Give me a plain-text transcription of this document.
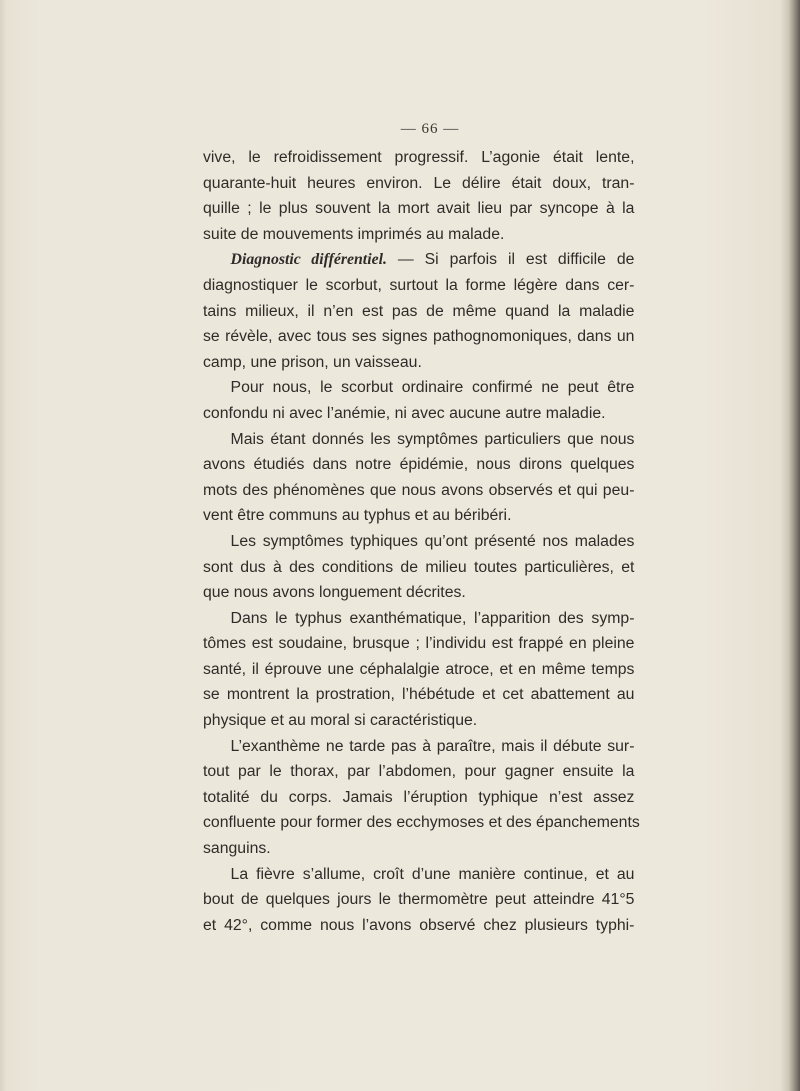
— 66 —
vive, le refroidissement progressif. L’agonie était lente,
quarante-huit heures environ. Le délire était doux, tran-
quille ; le plus souvent la mort avait lieu par syncope à la
suite de mouvements imprimés au malade.
Diagnostic différentiel. — Si parfois il est difficile de
diagnostiquer le scorbut, surtout la forme légère dans cer-
tains milieux, il n’en est pas de même quand la maladie
se révèle, avec tous ses signes pathognomoniques, dans un
camp, une prison, un vaisseau.
Pour nous, le scorbut ordinaire confirmé ne peut être
confondu ni avec l’anémie, ni avec aucune autre maladie.
Mais étant donnés les symptômes particuliers que nous
avons étudiés dans notre épidémie, nous dirons quelques
mots des phénomènes que nous avons observés et qui peu-
vent être communs au typhus et au béribéri.
Les symptômes typhiques qu’ont présenté nos malades
sont dus à des conditions de milieu toutes particulières, et
que nous avons longuement décrites.
Dans le typhus exanthématique, l’apparition des symp-
tômes est soudaine, brusque ; l’individu est frappé en pleine
santé, il éprouve une céphalalgie atroce, et en même temps
se montrent la prostration, l’hébétude et cet abattement au
physique et au moral si caractéristique.
L’exanthème ne tarde pas à paraître, mais il débute sur-
tout par le thorax, par l’abdomen, pour gagner ensuite la
totalité du corps. Jamais l’éruption typhique n’est assez
confluente pour former des ecchymoses et des épanchements
sanguins.
La fièvre s’allume, croît d’une manière continue, et au
bout de quelques jours le thermomètre peut atteindre 41°5
et 42°, comme nous l’avons observé chez plusieurs typhi-
